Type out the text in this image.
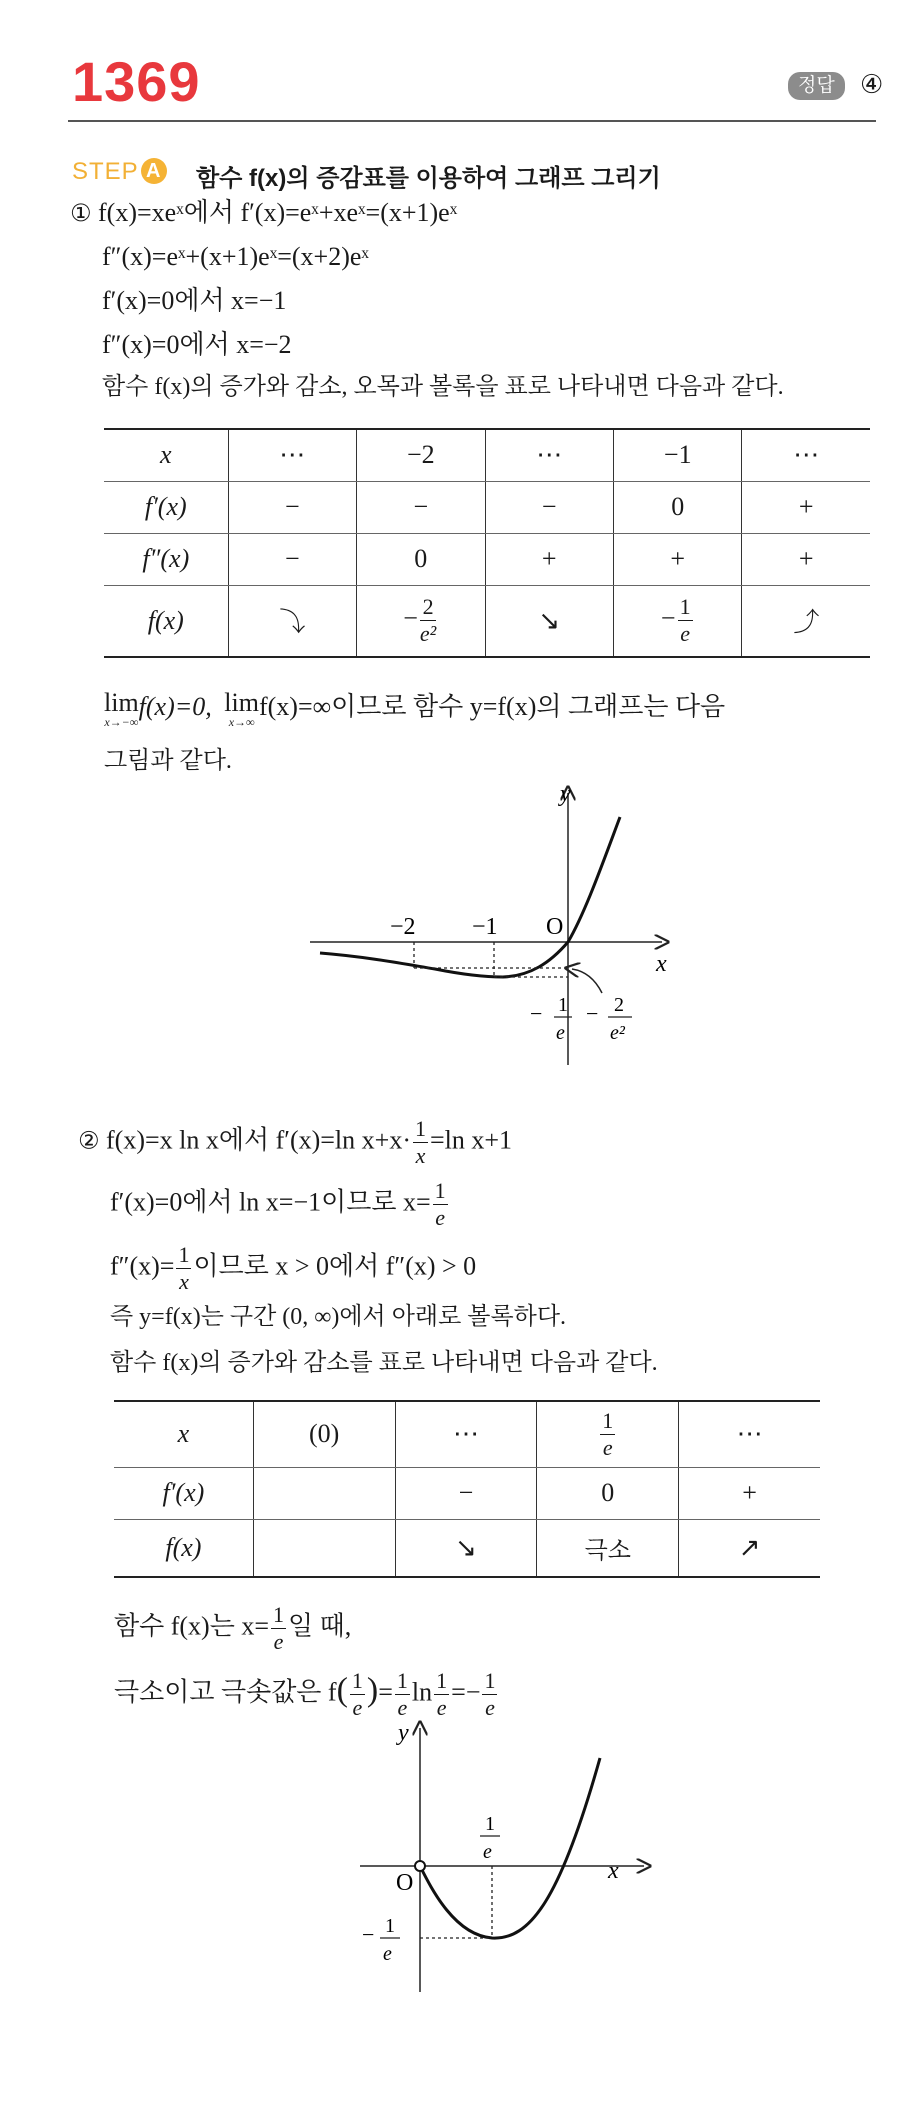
1369	정답 ④
STEP A 함수 f(x)의 증감표를 이용하여 그래프 그리기
① f(x)=xeˣ에서 f′(x)=eˣ+xeˣ=(x+1)eˣ
f″(x)=eˣ+(x+1)eˣ=(x+2)eˣ
f′(x)=0에서 x=−1
f″(x)=0에서 x=−2
함수 f(x)의 증가와 감소, 오목과 볼록을 표로 나타내면 다음과 같다.
x	⋯	−2	⋯	−1	⋯
f′(x)	−	−	−	0	+
f″(x)	−	0	+	+	+
f(x)	⤵	− $\frac{2}{\text{e²}}$	↘	− $\frac{1}{e}$	⤴
lim
x→−∞
f(x)=0, lim
x→∞
f(x)=∞이므로 함수 y=f(x)의 그래프는 다음
그림과 같다.
y
x
O
−2 −1
− 1
e
− 2
e²
② f(x)=x ln x에서 f′(x)=ln $x+x\cdot \frac{1}{x} =\ln$ x+1
f′(x)=0에서 ln x=−1이므로 $x= \frac{1}{e}$
$f''(x)= \frac{1}{x}$ 이므로 x > 0에서 f″(x) > 0
즉 y=f(x)는 구간 (0, ∞)에서 아래로 볼록하다.
함수 f(x)의 증가와 감소를 표로 나타내면 다음과 같다.
x	(0)	⋯	$\frac{1}{e}$	⋯
f′(x)		−	0	+
f(x)		↘	극소	↗
함수 f(x)는 $x= \frac{1}{e}$ 일 때,
극소이고 극솟값은 $f( \frac{1}{e}$ )= $\frac{1}{e}$ $\ln \frac{1}{e} =- \frac{1}{e}$
y
x
O
1
e
− 1
e
